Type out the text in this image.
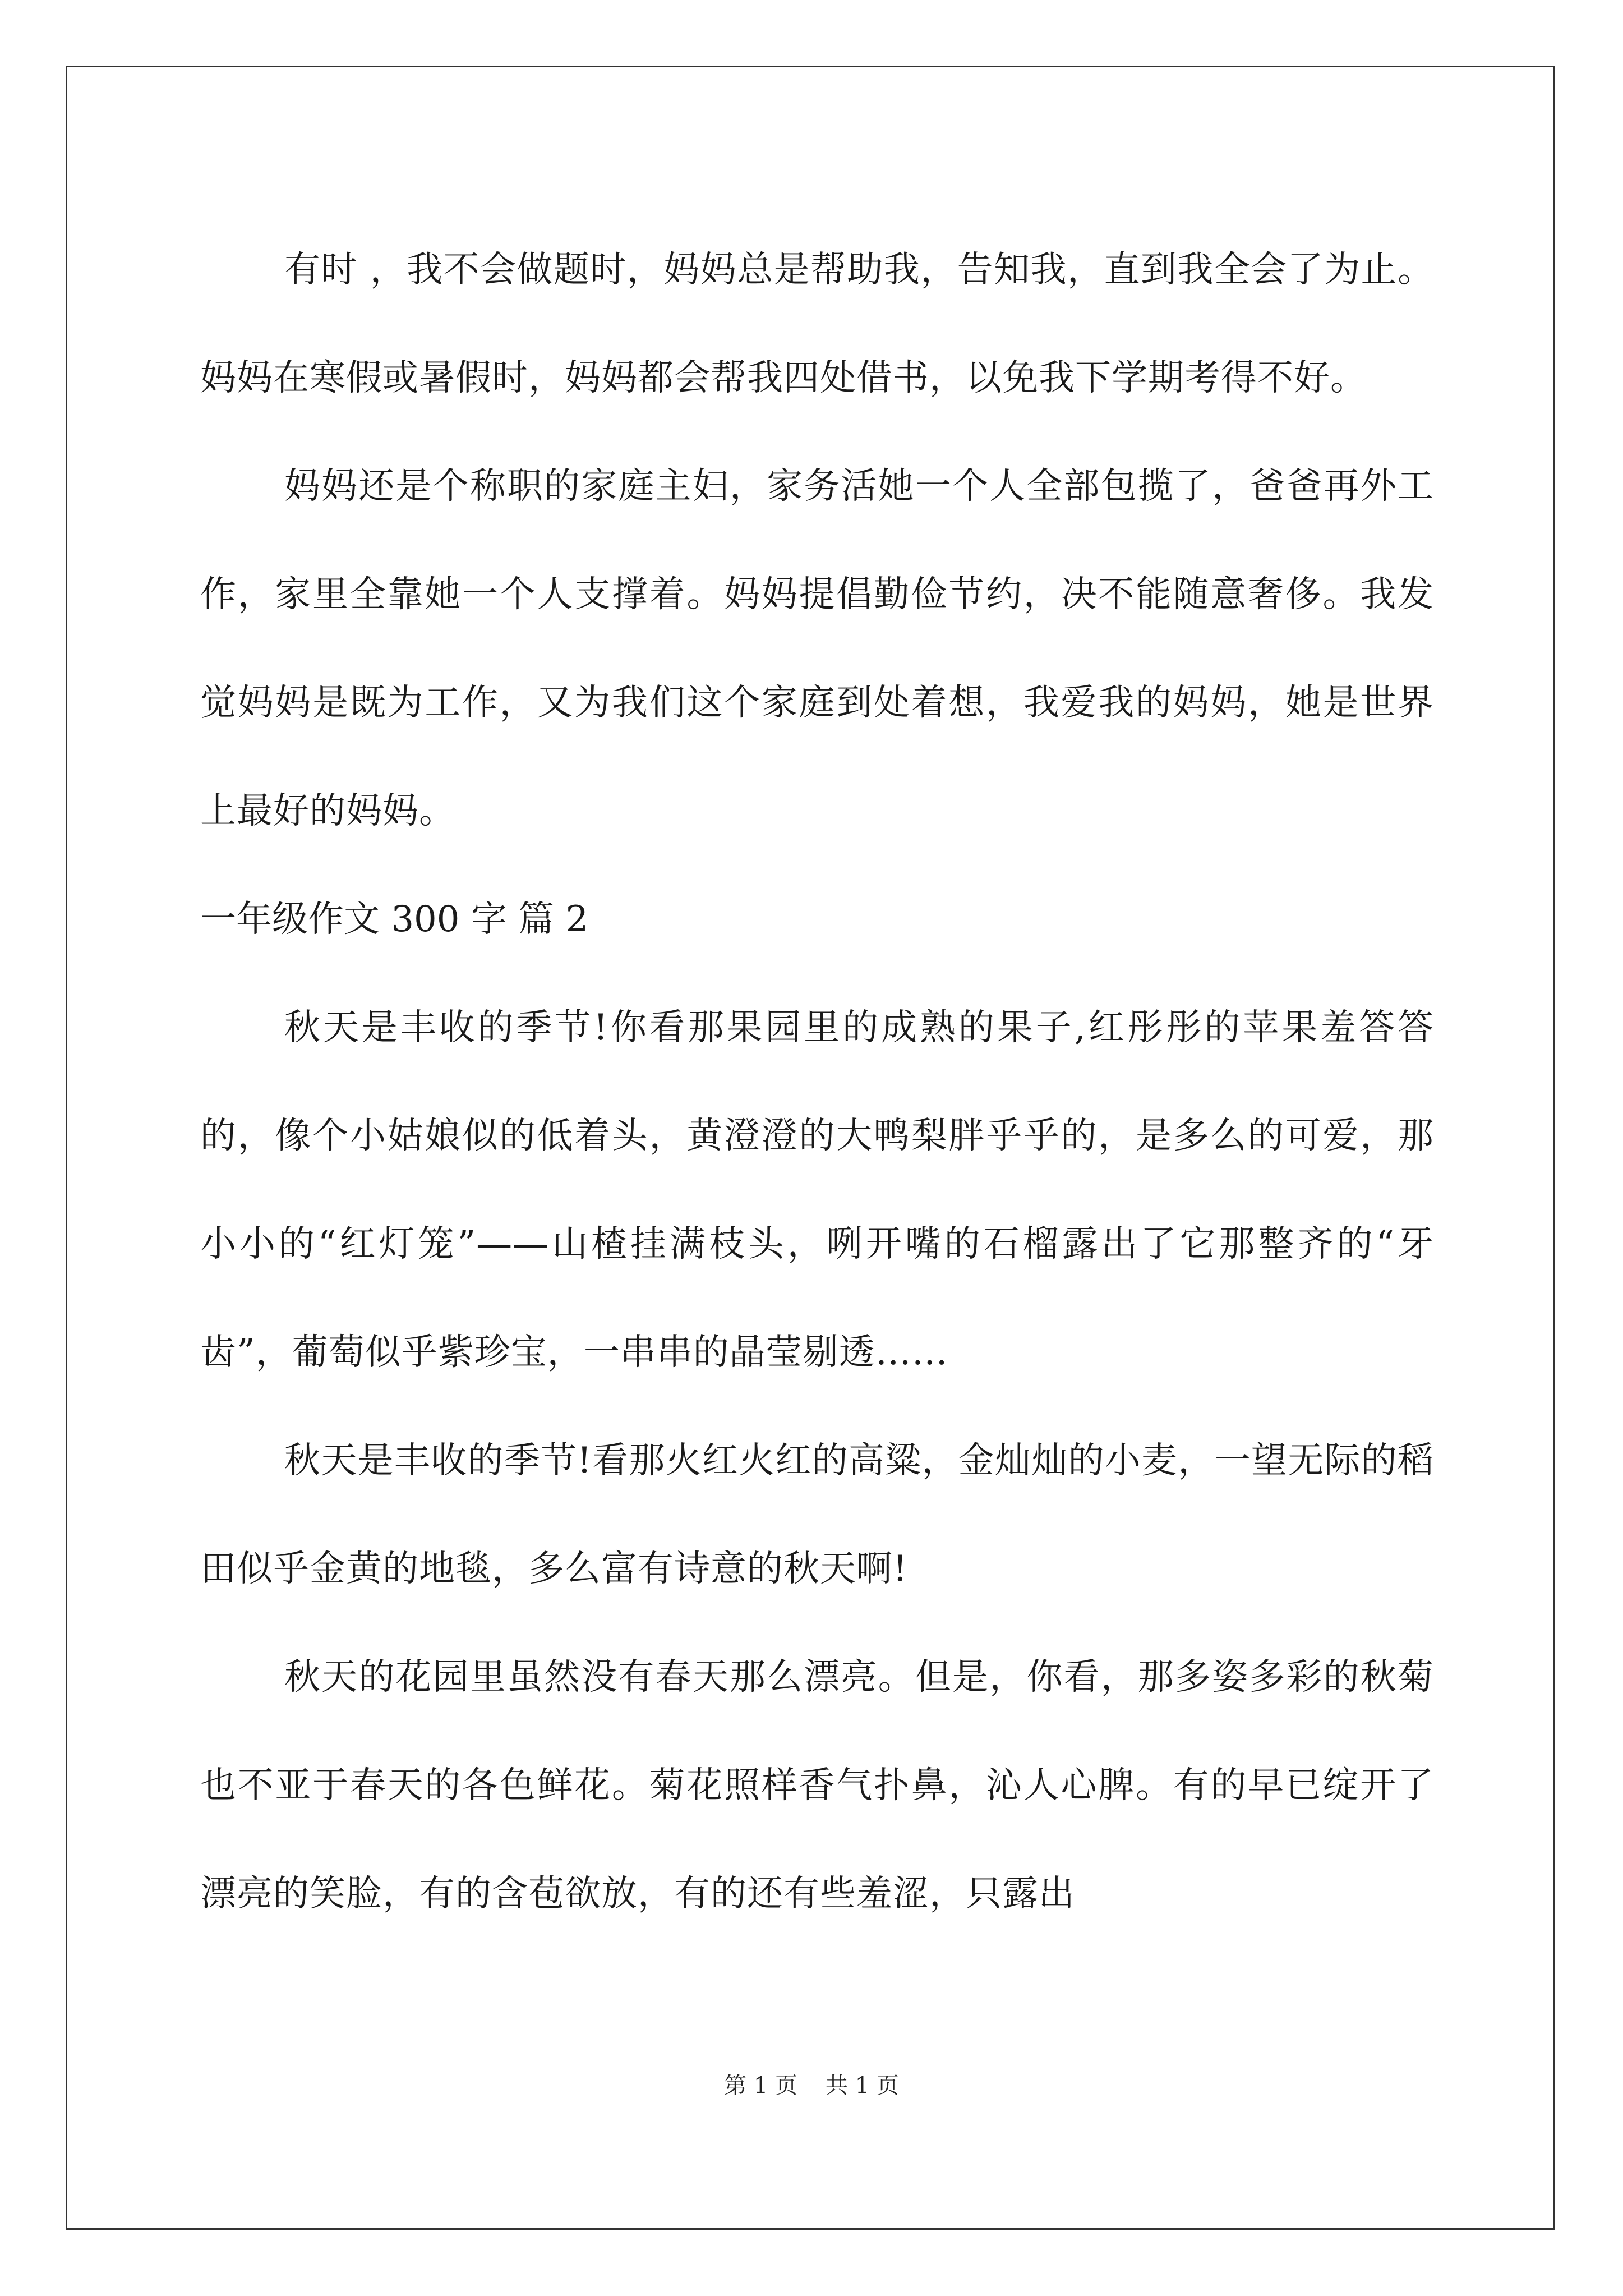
有时 ，我不会做题时，妈妈总是帮助我，告知我，直到我全会了为止。妈妈在寒假或暑假时，妈妈都会帮我四处借书，以免我下学期考得不好。

妈妈还是个称职的家庭主妇，家务活她一个人全部包揽了，爸爸再外工作，家里全靠她一个人支撑着。妈妈提倡勤俭节约，决不能随意奢侈。我发觉妈妈是既为工作，又为我们这个家庭到处着想，我爱我的妈妈，她是世界上最好的妈妈。

一年级作文 300 字 篇 2

秋天是丰收的季节!你看那果园里的成熟的果子,红彤彤的苹果羞答答的，像个小姑娘似的低着头，黄澄澄的大鸭梨胖乎乎的，是多么的可爱，那小小的“红灯笼”——山楂挂满枝头，咧开嘴的石榴露出了它那整齐的“牙齿”，葡萄似乎紫珍宝，一串串的晶莹剔透……

秋天是丰收的季节!看那火红火红的高粱，金灿灿的小麦，一望无际的稻田似乎金黄的地毯，多么富有诗意的秋天啊!

秋天的花园里虽然没有春天那么漂亮。但是，你看，那多姿多彩的秋菊也不亚于春天的各色鲜花。菊花照样香气扑鼻，沁人心脾。有的早已绽开了漂亮的笑脸，有的含苞欲放，有的还有些羞涩，只露出

第 1 页 共 1 页
